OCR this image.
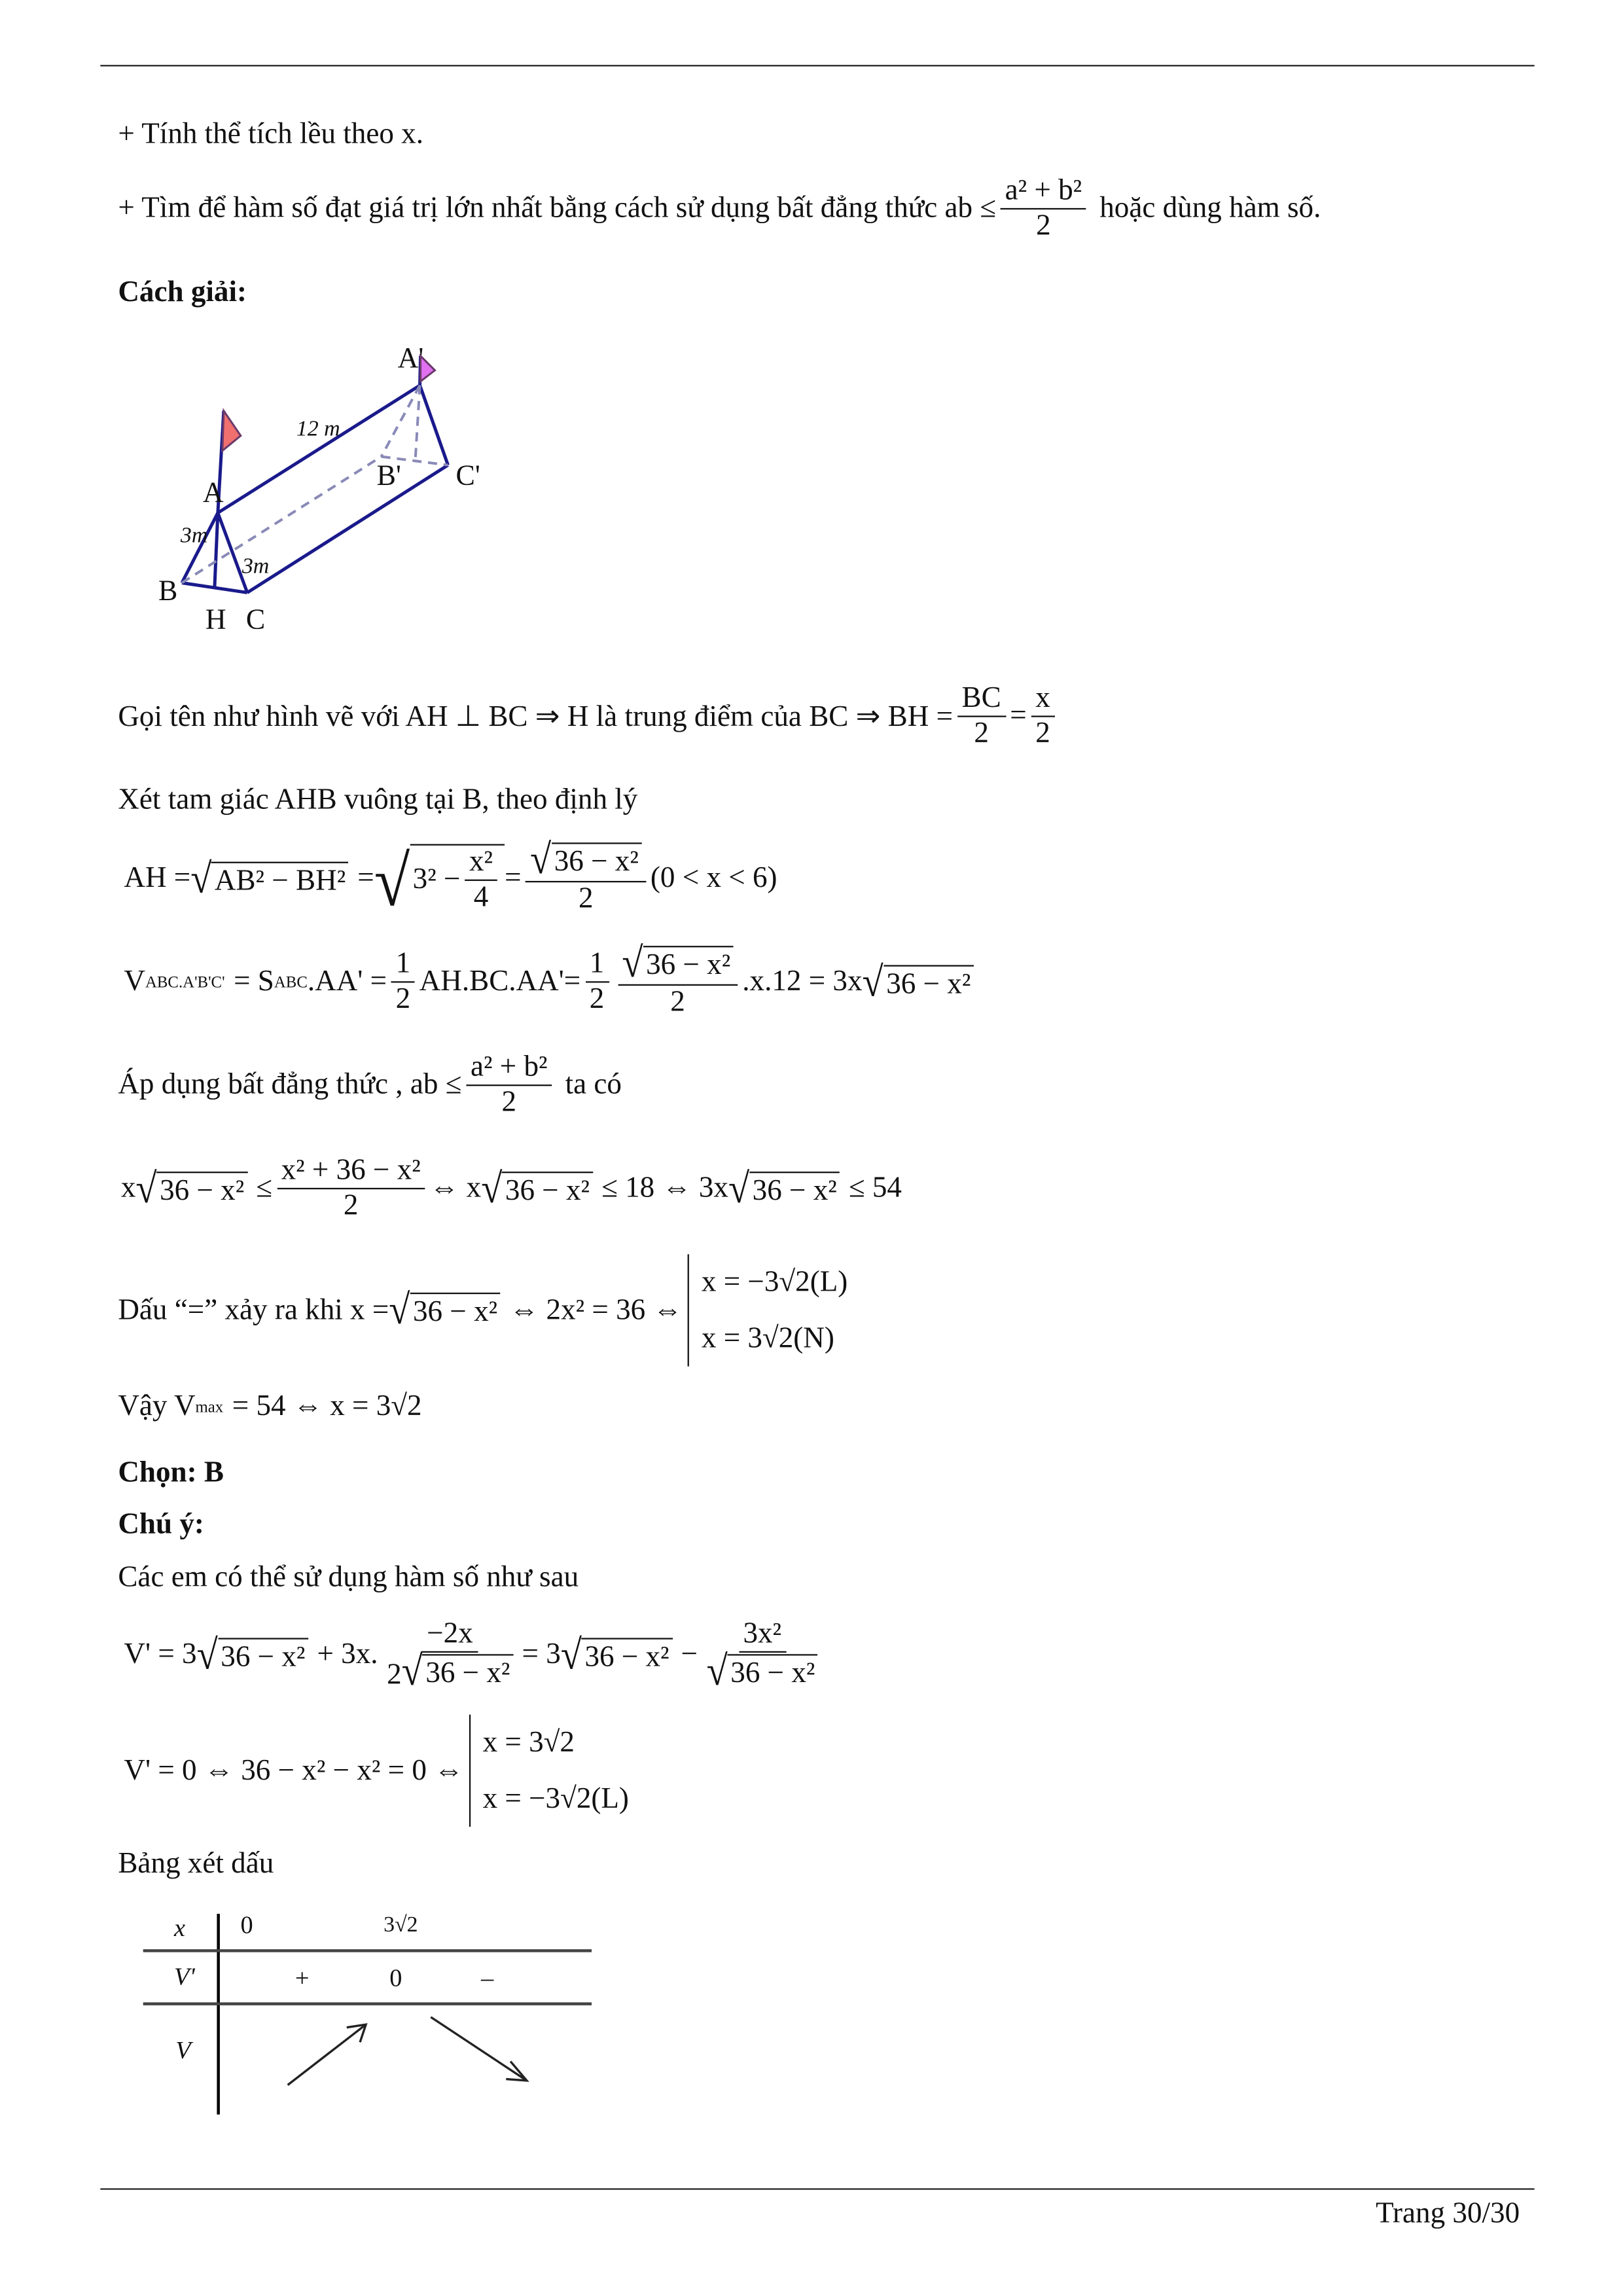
+ Tính thể tích lều theo x.
+ Tìm để hàm số đạt giá trị lớn nhất bằng cách sử dụng bất đẳng thức ab ≤ $\frac{\text{a² + b²}}{2}$ hoặc dùng hàm số.
Cách giải:
A
B
H C
A'
B' C'
12 m
3m
3m
Gọi tên như hình vẽ với AH ⊥ BC ⇒ H là trung điểm của BC ⇒ BH = $\frac{BC}{2} = \frac{x}{2}$
Xét tam giác AHB vuông tại B, theo định lý
AH = √ AB² − BH² = √ $3^2 - \frac{\text{x²}}{4} = \frac{\text{√ 36 − x²}}{2} (0 < x < 6)$
V ABC.A'B'C' = S ABC $.AA' = \frac{1}{2} AH.BC.AA'= \frac{1}{2} \frac{\text{√ 36 − x²}}{2} .x.12 = 3x$ √ 36 − x²
Áp dụng bất đẳng thức , ab ≤ $\frac{\text{a² + b²}}{2}$ ta có
x √ $36 - x^2 \le \frac{\text{x² + 36 − x²}}{2}$ ⇔ x √ 36 − x² ≤ 18 ⇔ 3x √ 36 − x² ≤ 54
Dấu “=” xảy ra khi x = √ 36 − x² ⇔ 2x² = 36 ⇔
x = −3√2(L)
x = 3√2(N)
Vậy V max = 54 ⇔ x = 3√2
Chọn: B
Chú ý:
Các em có thể sử dụng hàm số như sau
V' = 3 √ 36 − x² + 3x. $\frac{-2x}{\text{2 √ 36 − x²}} = 3$ √ $36 - x^2 - \frac{\text{3x²}}{\text{√ 36 − x²}}$
V' = 0 ⇔ 36 − x² − x² = 0 ⇔
x = 3√2
x = −3√2(L)
Bảng xét dấu
x	0	3√2
V'	+	0	–
V
Trang 30/30
